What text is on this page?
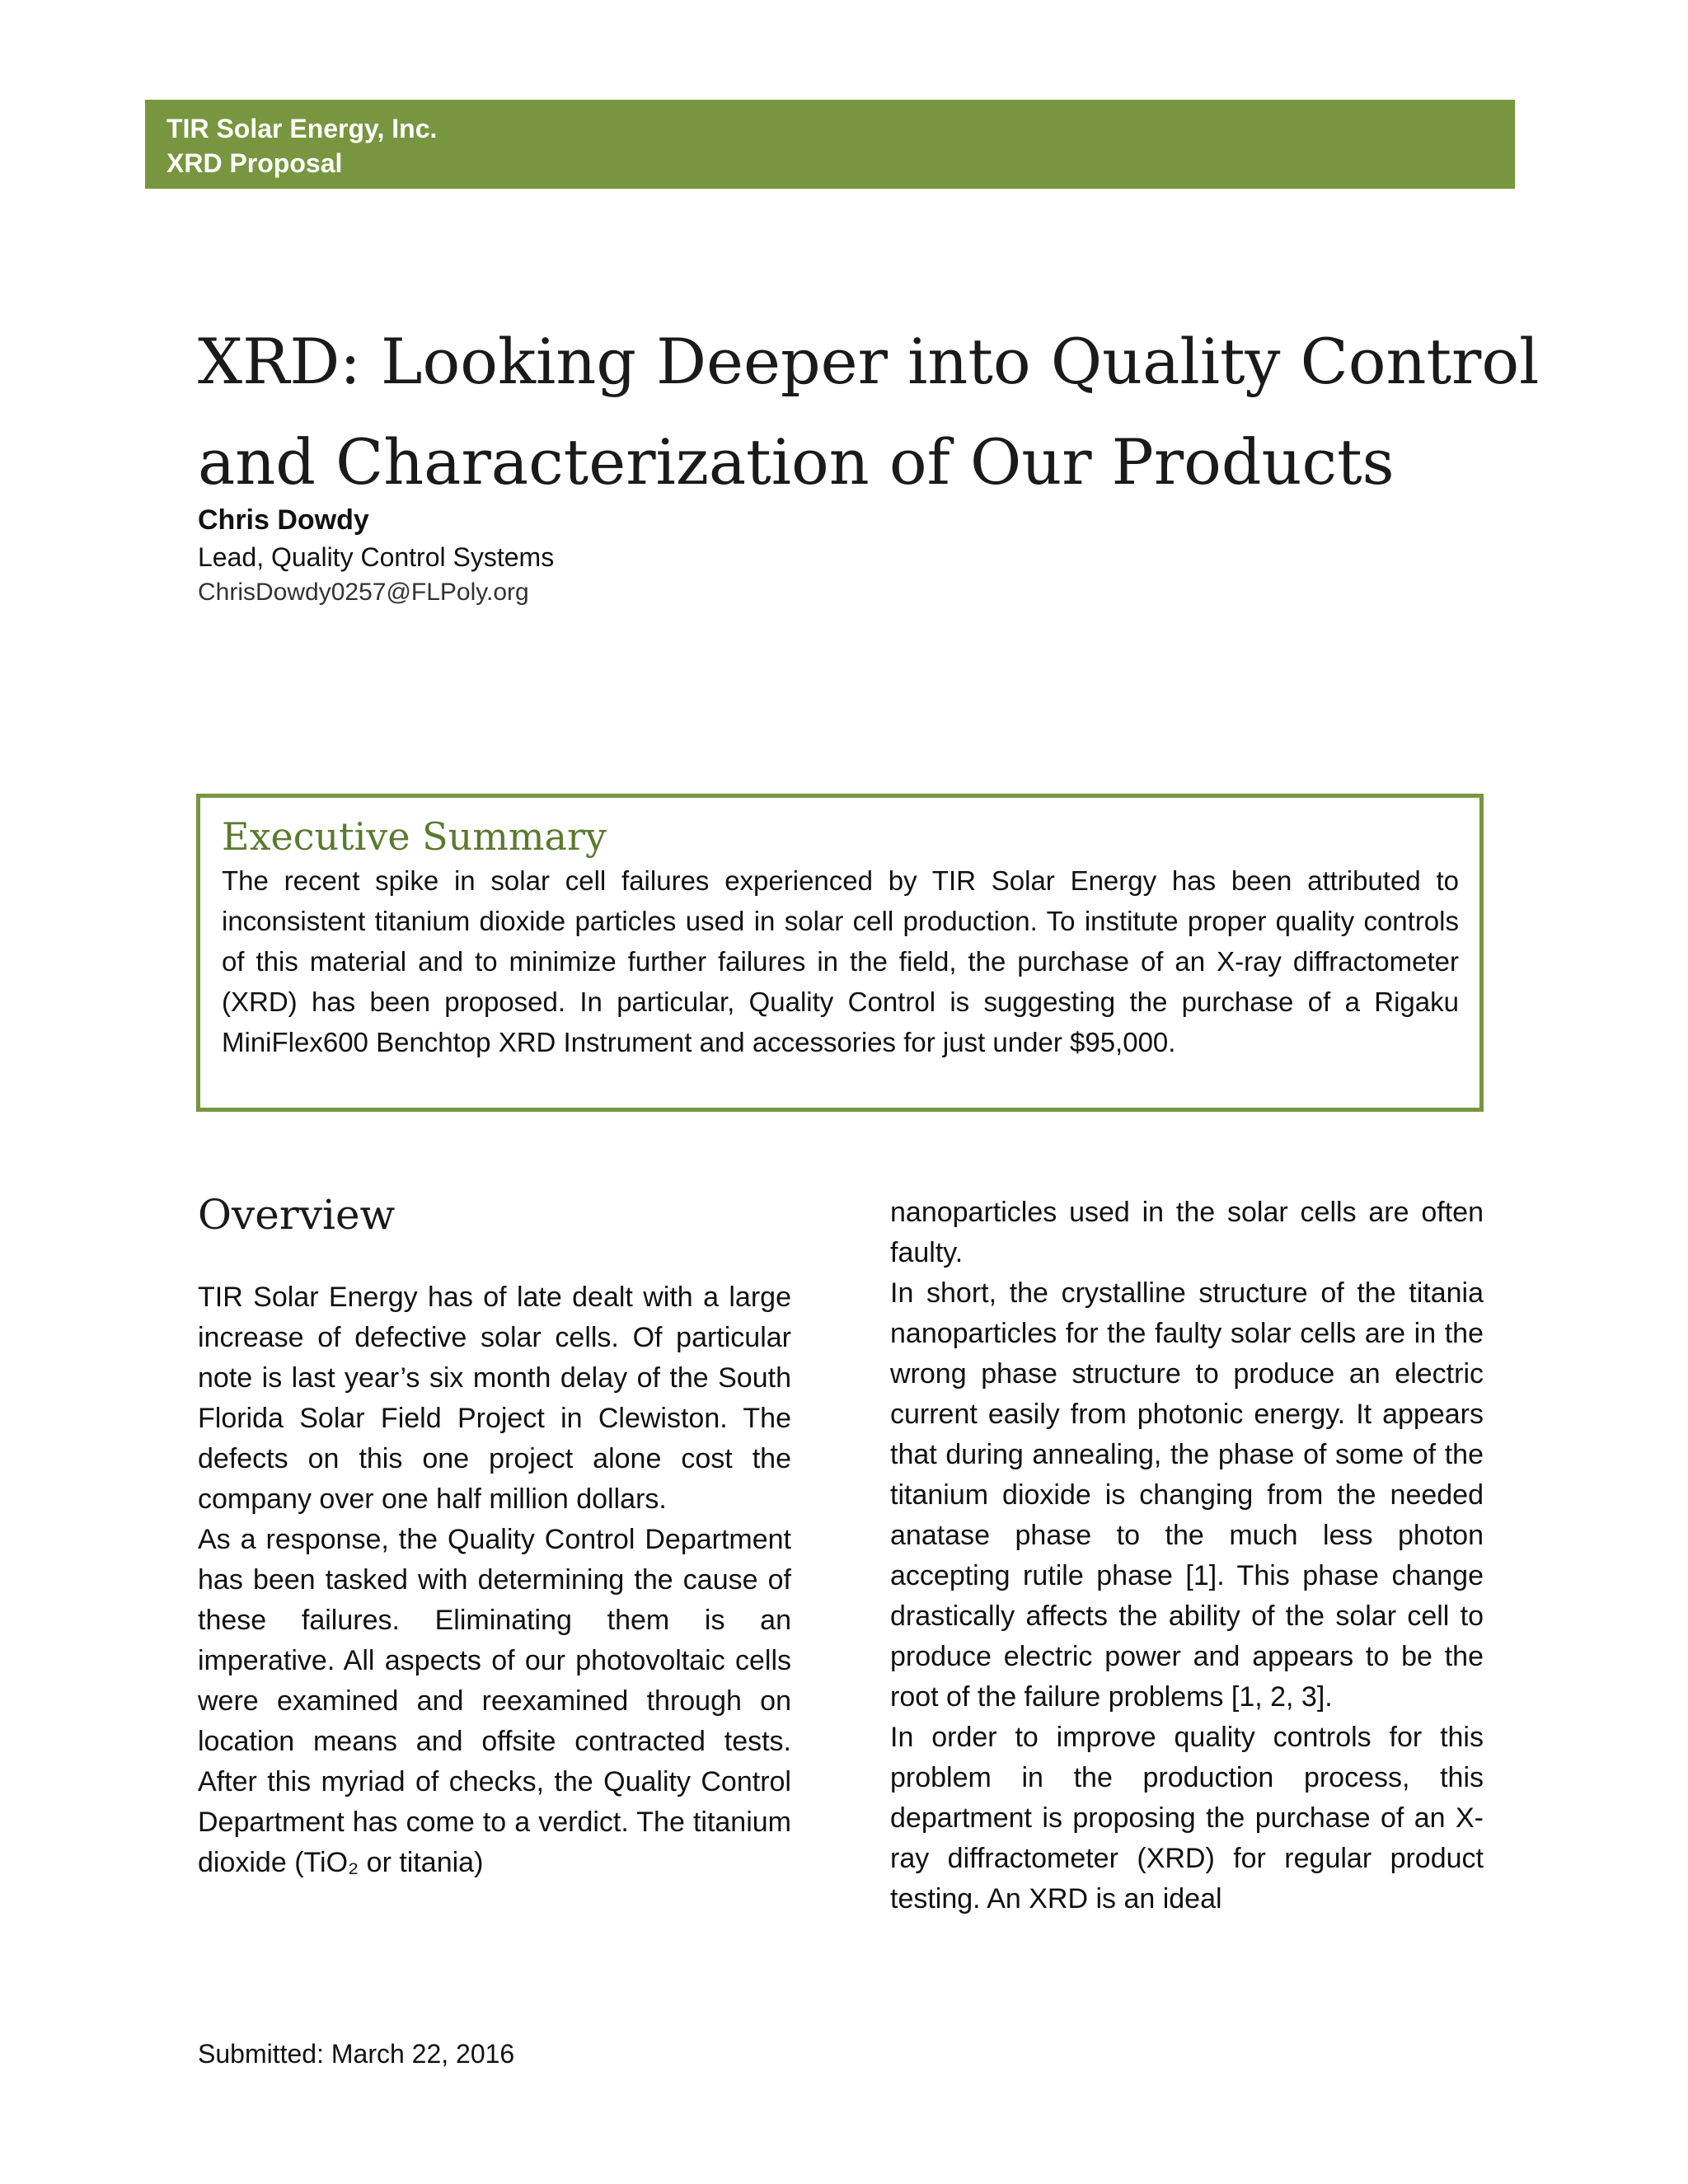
TIR Solar Energy, Inc.
XRD Proposal
XRD: Looking Deeper into Quality Control
and Characterization of Our Products
Chris Dowdy
Lead, Quality Control Systems
ChrisDowdy0257@FLPoly.org
Executive Summary

The recent spike in solar cell failures experienced by TIR Solar Energy has been attributed to inconsistent titanium dioxide particles used in solar cell production. To institute proper quality controls of this material and to minimize further failures in the field, the purchase of an X-ray diffractometer (XRD) has been proposed. In particular, Quality Control is suggesting the purchase of a Rigaku MiniFlex600 Benchtop XRD Instrument and accessories for just under $95,000.

Overview

TIR Solar Energy has of late dealt with a large increase of defective solar cells. Of particular note is last year’s six month delay of the South Florida Solar Field Project in Clewiston. The defects on this one project alone cost the company over one half million dollars.

As a response, the Quality Control Department has been tasked with determining the cause of these failures. Eliminating them is an imperative. All aspects of our photovoltaic cells were examined and reexamined through on location means and offsite contracted tests. After this myriad of checks, the Quality Control Department has come to a verdict. The titanium dioxide (TiO₂ or titania)

nanoparticles used in the solar cells are often faulty.

In short, the crystalline structure of the titania nanoparticles for the faulty solar cells are in the wrong phase structure to produce an electric current easily from photonic energy. It appears that during annealing, the phase of some of the titanium dioxide is changing from the needed anatase phase to the much less photon accepting rutile phase [1]. This phase change drastically affects the ability of the solar cell to produce electric power and appears to be the root of the failure problems [1, 2, 3].

In order to improve quality controls for this problem in the production process, this department is proposing the purchase of an X-ray diffractometer (XRD) for regular product testing. An XRD is an ideal

Submitted: March 22, 2016
